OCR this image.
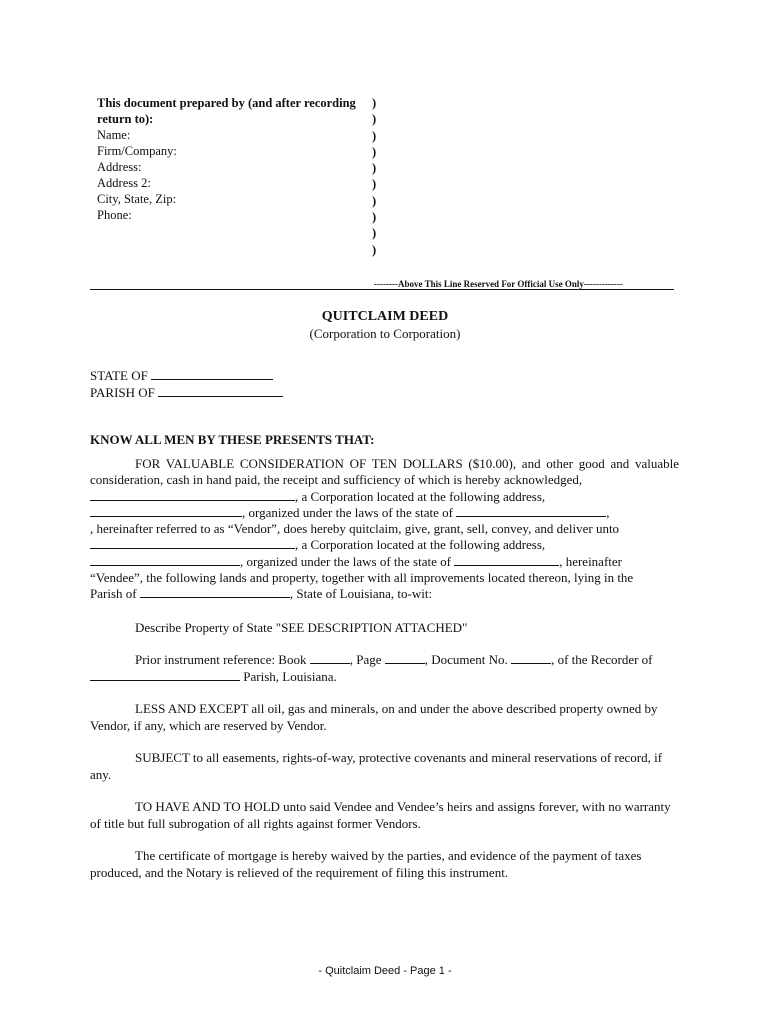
This document prepared by (and after recording return to):
Name:
Firm/Company:
Address:
Address 2:
City, State, Zip:
Phone:
)
)
)
)
)
)
)
)
)
)
--------Above This Line Reserved For Official Use Only-------------
QUITCLAIM DEED
(Corporation to Corporation)
STATE OF
PARISH OF
KNOW ALL MEN BY THESE PRESENTS THAT:

FOR VALUABLE CONSIDERATION OF TEN DOLLARS ($10.00), and other good and valuable consideration, cash in hand paid, the receipt and sufficiency of which is hereby acknowledged,

, a Corporation located at the following address,
, organized under the laws of the state of	,

, hereinafter referred to as “Vendor”, does hereby quitclaim, give, grant, sell, convey, and deliver unto

, a Corporation located at the following address,
, organized under the laws of the state of	, hereinafter

“Vendee”, the following lands and property, together with all improvements located thereon, lying in the

Parish of	, State of Louisiana, to-wit:

Describe Property of State "SEE DESCRIPTION ATTACHED"

Prior instrument reference: Book	, Page	, Document No.	, of the Recorder of

Parish, Louisiana.

LESS AND EXCEPT all oil, gas and minerals, on and under the above described property owned by Vendor, if any, which are reserved by Vendor.

SUBJECT to all easements, rights-of-way, protective covenants and mineral reservations of record, if any.

TO HAVE AND TO HOLD unto said Vendee and Vendee’s heirs and assigns forever, with no warranty of title but full subrogation of all rights against former Vendors.

The certificate of mortgage is hereby waived by the parties, and evidence of the payment of taxes produced, and the Notary is relieved of the requirement of filing this instrument.

- Quitclaim Deed - Page 1 -
